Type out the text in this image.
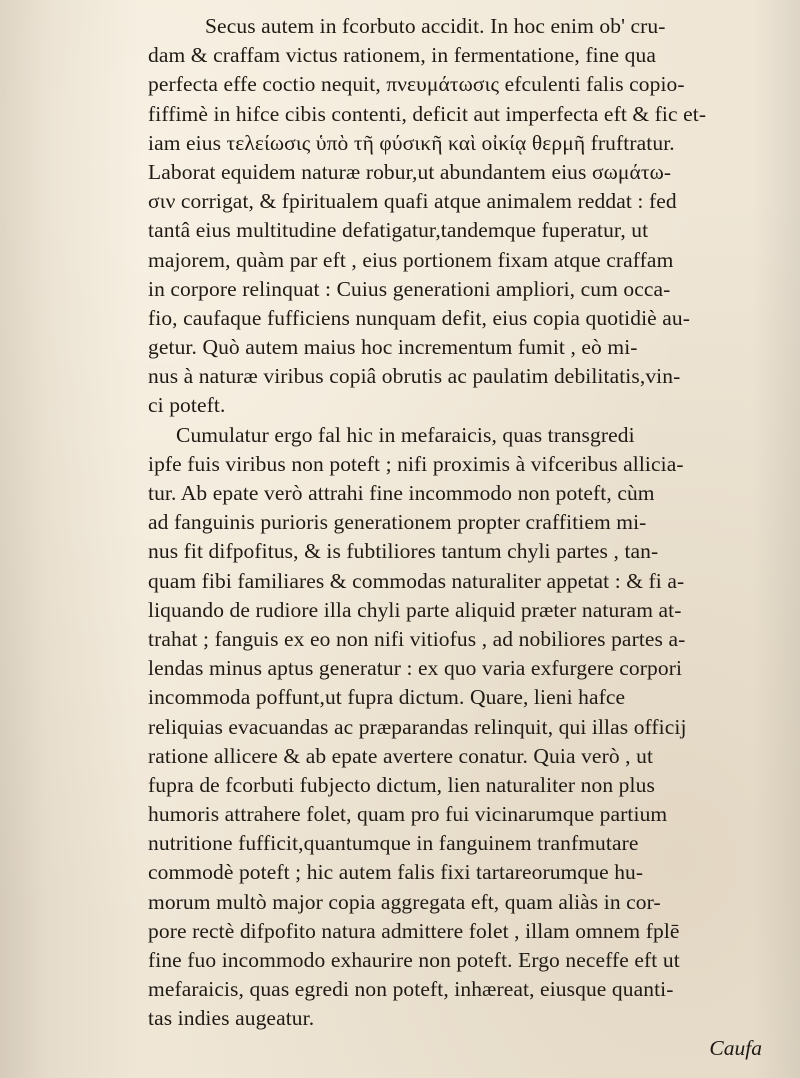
Secus autem in fcorbuto accidit. In hoc enim ob' cru-
dam & craffam victus rationem, in fermentatione, fine qua
perfecta effe coctio nequit, πνευμάτωσις efculenti falis copio-
fiffimè in hifce cibis contenti, deficit aut imperfecta eft & fic et-
iam eius τελείωσις ὑπὸ τῆ φύσικῆ καὶ οἰκίᾳ θερμῆ fruftratur.
Laborat equidem naturæ robur,ut abundantem eius σωμάτω-
σιν corrigat, & fpiritualem quafi atque animalem reddat : fed
tantâ eius multitudine defatigatur,tandemque fuperatur, ut
majorem, quàm par eft , eius portionem fixam atque craffam
in corpore relinquat : Cuius generationi ampliori, cum occa-
fio, caufaque fufficiens nunquam defit, eius copia quotidiè au-
getur. Quò autem maius hoc incrementum fumit , eò mi-
nus à naturæ viribus copiâ obrutis ac paulatim debilitatis,vin-
ci poteft.
Cumulatur ergo fal hic in mefaraicis, quas transgredi
ipfe fuis viribus non poteft ; nifi proximis à vifceribus allicia-
tur. Ab epate verò attrahi fine incommodo non poteft, cùm
ad fanguinis purioris generationem propter craffitiem mi-
nus fit difpofitus, & is fubtiliores tantum chyli partes , tan-
quam fibi familiares & commodas naturaliter appetat : & fi a-
liquando de rudiore illa chyli parte aliquid præter naturam at-
trahat ; fanguis ex eo non nifi vitiofus , ad nobiliores partes a-
lendas minus aptus generatur : ex quo varia exfurgere corpori
incommoda poffunt,ut fupra dictum. Quare, lieni hafce
reliquias evacuandas ac præparandas relinquit, qui illas officij
ratione allicere & ab epate avertere conatur. Quia verò , ut
fupra de fcorbuti fubjecto dictum, lien naturaliter non plus
humoris attrahere folet, quam pro fui vicinarumque partium
nutritione fufficit,quantumque in fanguinem tranfmutare
commodè poteft ; hic autem falis fixi tartareorumque hu-
morum multò major copia aggregata eft, quam aliàs in cor-
pore rectè difpofito natura admittere folet , illam omnem fplē
fine fuo incommodo exhaurire non poteft. Ergo neceffe eft ut
mefaraicis, quas egredi non poteft, inhæreat, eiusque quanti-
tas indies augeatur.
Caufa
